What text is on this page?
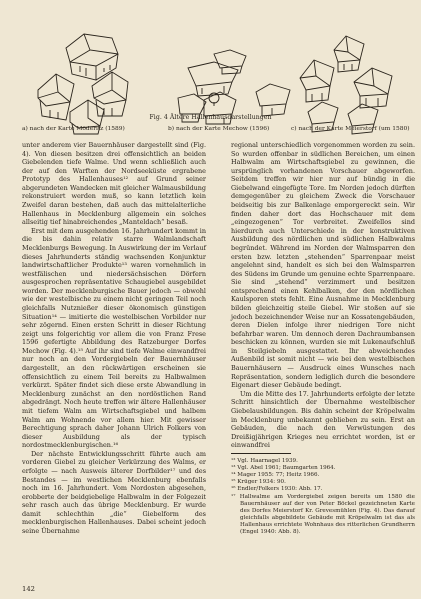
Fig. 4 Ältere Hallenhausdarstellungen
a) nach der Karte Möderitz (1589)	b) nach der Karte Mechow (1596)	c) nach der Karte Meierstorf (um 1580)

unter anderem vier Bauernhäuser dargestellt sind (Fig. 4). Von diesen besitzen drei offensichtlich an beiden Giebelenden tiefe Walme. Und wenn schließlich auch der auf den Warften der Nordseeküste ergrabene Prototyp des Hallenhauses¹² auf Grund seiner abgerundeten Wandecken mit gleicher Walmausbildung rekonstruiert werden muß, so kann letztlich kein Zweifel daran bestehen, daß auch das mittelalterliche Hallenhaus in Mecklenburg allgemein ein solches allseitig tief hinabreichendes „Manteldach“ besaß.

Erst mit dem ausgehenden 16. Jahrhundert kommt in die bis dahin relativ starre Walmlandschaft Mecklenburgs Bewegung. In Auswirkung der im Verlauf dieses Jahrhunderts ständig wachsenden Konjunktur landwirtschaftlicher Produkte¹³ waren vornehmlich in westfälischen und niedersächsischen Dörfern ausgesprochen repräsentative Schaugiebel ausgebildet worden. Der mecklenburgische Bauer jedoch — obwohl wie der westelbische zu einem nicht geringen Teil noch gleichfalls Nutznießer dieser ökonomisch günstigen Situation¹⁴ — imitierte die westelbischen Vorbilder nur sehr zögernd. Einen ersten Schritt in dieser Richtung zeigt uns folgerichtig vor allem die von Franz Frese 1596 gefertigte Abbildung des Ratzeburger Dorfes Mechow (Fig. 4).¹⁵ Auf ihr sind tiefe Walme einwandfrei nur noch an den Vordergiebeln der Bauernhäuser dargestellt, an den rückwärtigen erscheinen sie offensichtlich zu einem Teil bereits zu Halbwalmen verkürzt. Später findet sich diese erste Abwandlung in Mecklenburg zunächst an den nordöstlichen Rand abgedrängt. Noch heute treffen wir ältere Hallenhäuser mit tiefem Walm am Wirtschaftsgiebel und halbem Walm am Wohnende vor allem hier. Mit gewisser Berechtigung sprach daher Johann Ulrich Folkers von dieser Ausbildung als der typisch nordostmecklenburgischen.¹⁶

Der nächste Entwicklungsschritt führte auch am vorderen Giebel zu gleicher Verkürzung des Walms, er erfolgte — nach Ausweis älterer Dorfbilder¹⁷ und des Bestandes — im westlichen Mecklenburg ebenfalls noch im 16. Jahrhundert. Vom Nordosten abgesehen, erobberte der beidgiebelige Halbwalm in der Folgezeit sehr rasch auch das übrige Mecklenburg. Er wurde damit schlechthin „die“ Giebelform des mecklenburgischen Hallenhauses. Dabei scheint jedoch seine Übernahme

regional unterschiedlich vorgenommen worden zu sein. So wurden offenbar in südlichen Bereichen, um einen Halbwalm am Wirtschaftsgiebel zu gewinnen, die ursprünglich vorhandenen Vorschauer abgeworfen. Seitdem treffen wir hier nur auf bündig in die Giebelwand eingefügte Tore. Im Norden jedoch dürften demgegenüber zu gleichem Zweck die Vorschauer beidseitig bis zur Balkenlage emporgereckt sein. Wir finden daher dort das Hochschauer mit dem „eingezogenen“ Tor verbreitet. Zweifellos sind hierdurch auch Unterschiede in der konstruktiven Ausbildung des nördlichen und südlichen Halbwalms begründet. Während im Norden der Walmsparren den ersten bzw. letzten „stehenden“ Sparrenpaar meist angelehnt sind, handelt es sich bei den Walmsparren des Südens im Grunde um genuine echte Sparrenpaare. Sie sind „stehend“ verzimmert und besitzen entsprechend einen Kehlbalken, der den nördlichen Kaulsporen stets fehlt. Eine Ausnahme in Mecklenburg bilden gleichzeitig steile Giebel. Wir stoßen auf sie jedoch bezeichnender Weise nur an Kossatengebäuden, deren Dielen infolge ihrer niedrigen Tore nicht befahrbar waren. Um dennoch deren Dachraumbansen beschicken zu können, wurden sie mit Lukenaufschluß in Steilgiebeln ausgestattet. Ihr abweichendes Außenbild ist somit nicht — wie bei den westelbischen Bauernhäusern — Ausdruck eines Wunsches nach Repräsentation, sondern lediglich durch die besondere Eigenart dieser Gebäude bedingt.

Um die Mitte des 17. Jahrhunderts erfolgte der letzte Schritt hinsichtlich der Übernahme westelbischer Giebelausbildungen. Bis dahin scheint der Kröpelwalm in Mecklenburg unbekannt geblieben zu sein. Erst an Gebäuden, die nach den Verwüstungen des Dreißigjährigen Krieges neu errichtet worden, ist er einwandfrei

¹² Vgl. Haarnagel 1939.
¹³ Vgl. Abel 1961; Baumgarten 1964.
¹⁴ Mager 1955: 77; Heitz 1966.
¹⁵ Krüger 1934: 90.
¹⁶ Endler/Folkers 1930: Abb. 17.
¹⁷ Hallwalme am Vordergiebel zeigen bereits um 1580 die Bauernhäuser auf der von Peter Böckel gezeichneten Karte des Dorfes Meierstorf Kr. Grevesmühlen (Fig. 4). Das darauf gleichfalls abgebildete Gebäude mit Kröpelwalm ist das als Hallenhaus errichtete Wohnhaus des ritterlichen Grundherrn (Engel 1940: Abb. 8).
142
